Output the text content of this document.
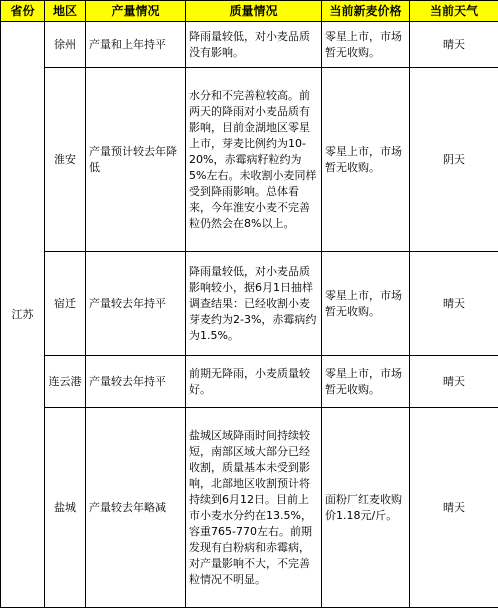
省份	地区	产量情况	质量情况	当前新麦价格	当前天气
江苏	徐州	产量和上年持平	降雨量较低，对小麦品质没有影响。	零星上市，市场暂无收购。	晴天
	淮安	产量预计较去年降低	水分和不完善粒较高。前两天的降雨对小麦品质有影响，目前金湖地区零星上市，芽麦比例约为10-20%，赤霉病籽粒约为5%左右。未收割小麦同样受到降雨影响。总体看来，今年淮安小麦不完善粒仍然会在8%以上。	零星上市，市场暂无收购。	阴天
	宿迁	产量较去年持平	降雨量较低，对小麦品质影响较小，据6月1日抽样调查结果：已经收割小麦芽麦约为2-3%，赤霉病约为1.5%。	零星上市，市场暂无收购。	晴天
	连云港	产量较去年持平	前期无降雨，小麦质量较好。	零星上市，市场暂无收购。	晴天
	盐城	产量较去年略减	盐城区域降雨时间持续较短，南部区域大部分已经收割，质量基本未受到影响，北部地区收割预计将持续到6月12日。目前上市小麦水分约在13.5%，容重765-770左右。前期发现有白粉病和赤霉病，对产量影响不大，不完善粒情况不明显。	面粉厂红麦收购价1.18元/斤。	晴天
